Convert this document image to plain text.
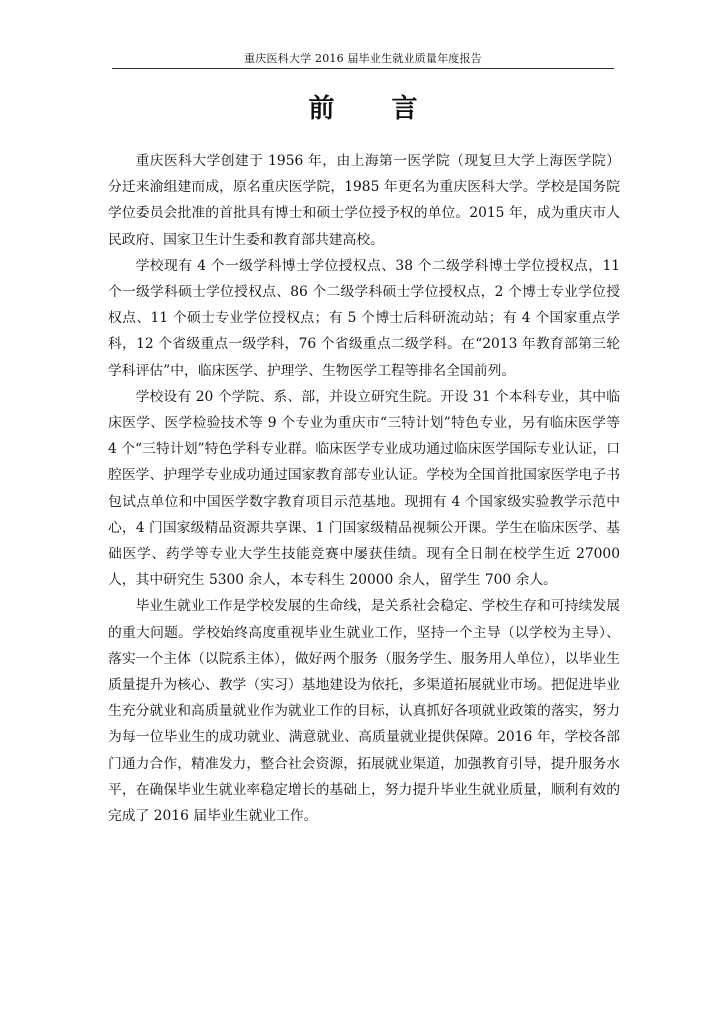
重庆医科大学 2016 届毕业生就业质量年度报告
前 言

重庆医科大学创建于 1956 年，由上海第一医学院（现复旦大学上海医学院）分迁来渝组建而成，原名重庆医学院，1985 年更名为重庆医科大学。学校是国务院学位委员会批准的首批具有博士和硕士学位授予权的单位。2015 年，成为重庆市人民政府、国家卫生计生委和教育部共建高校。

学校现有 4 个一级学科博士学位授权点、38 个二级学科博士学位授权点，11 个一级学科硕士学位授权点、86 个二级学科硕士学位授权点，2 个博士专业学位授权点、11 个硕士专业学位授权点；有 5 个博士后科研流动站；有 4 个国家重点学科，12 个省级重点一级学科，76 个省级重点二级学科。在“2013 年教育部第三轮学科评估”中，临床医学、护理学、生物医学工程等排名全国前列。

学校设有 20 个学院、系、部，并设立研究生院。开设 31 个本科专业，其中临床医学、医学检验技术等 9 个专业为重庆市“三特计划”特色专业，另有临床医学等 4 个“三特计划”特色学科专业群。临床医学专业成功通过临床医学国际专业认证，口腔医学、护理学专业成功通过国家教育部专业认证。学校为全国首批国家医学电子书包试点单位和中国医学数字教育项目示范基地。现拥有 4 个国家级实验教学示范中心，4 门国家级精品资源共享课、1 门国家级精品视频公开课。学生在临床医学、基础医学、药学等专业大学生技能竞赛中屡获佳绩。现有全日制在校学生近 27000 人，其中研究生 5300 余人，本专科生 20000 余人，留学生 700 余人。

毕业生就业工作是学校发展的生命线，是关系社会稳定、学校生存和可持续发展的重大问题。学校始终高度重视毕业生就业工作，坚持一个主导（以学校为主导）、落实一个主体（以院系主体），做好两个服务（服务学生、服务用人单位），以毕业生质量提升为核心、教学（实习）基地建设为依托，多渠道拓展就业市场。把促进毕业生充分就业和高质量就业作为就业工作的目标，认真抓好各项就业政策的落实，努力为每一位毕业生的成功就业、满意就业、高质量就业提供保障。2016 年，学校各部门通力合作，精准发力，整合社会资源，拓展就业渠道，加强教育引导，提升服务水平，在确保毕业生就业率稳定增长的基础上，努力提升毕业生就业质量，顺利有效的完成了 2016 届毕业生就业工作。
